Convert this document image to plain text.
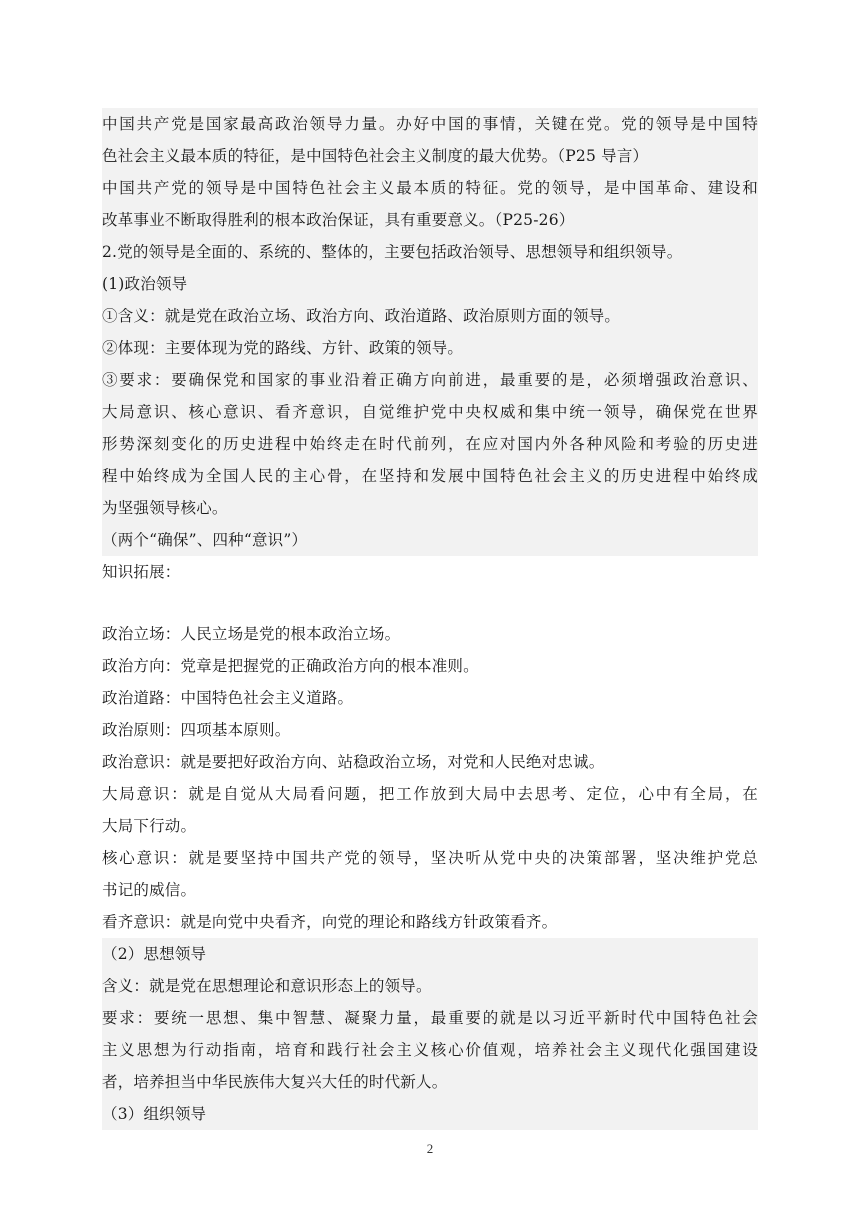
中国共产党是国家最高政治领导力量。办好中国的事情，关键在党。党的领导是中国特
色社会主义最本质的特征，是中国特色社会主义制度的最大优势。（P25 导言）
中国共产党的领导是中国特色社会主义最本质的特征。党的领导，是中国革命、建设和
改革事业不断取得胜利的根本政治保证，具有重要意义。（P25-26）
2.党的领导是全面的、系统的、整体的，主要包括政治领导、思想领导和组织领导。
(1)政治领导
①含义：就是党在政治立场、政治方向、政治道路、政治原则方面的领导。
②体现：主要体现为党的路线、方针、政策的领导。
③要求：要确保党和国家的事业沿着正确方向前进，最重要的是，必须增强政治意识、
大局意识、核心意识、看齐意识，自觉维护党中央权威和集中统一领导，确保党在世界
形势深刻变化的历史进程中始终走在时代前列，在应对国内外各种风险和考验的历史进
程中始终成为全国人民的主心骨，在坚持和发展中国特色社会主义的历史进程中始终成
为坚强领导核心。
（两个“确保”、四种“意识”）
知识拓展：
政治立场：人民立场是党的根本政治立场。
政治方向：党章是把握党的正确政治方向的根本准则。
政治道路：中国特色社会主义道路。
政治原则：四项基本原则。
政治意识：就是要把好政治方向、站稳政治立场，对党和人民绝对忠诚。
大局意识：就是自觉从大局看问题，把工作放到大局中去思考、定位，心中有全局，在
大局下行动。
核心意识：就是要坚持中国共产党的领导，坚决听从党中央的决策部署，坚决维护党总
书记的威信。
看齐意识：就是向党中央看齐，向党的理论和路线方针政策看齐。
（2）思想领导
含义：就是党在思想理论和意识形态上的领导。
要求：要统一思想、集中智慧、凝聚力量，最重要的就是以习近平新时代中国特色社会
主义思想为行动指南，培育和践行社会主义核心价值观，培养社会主义现代化强国建设
者，培养担当中华民族伟大复兴大任的时代新人。
（3）组织领导
2
